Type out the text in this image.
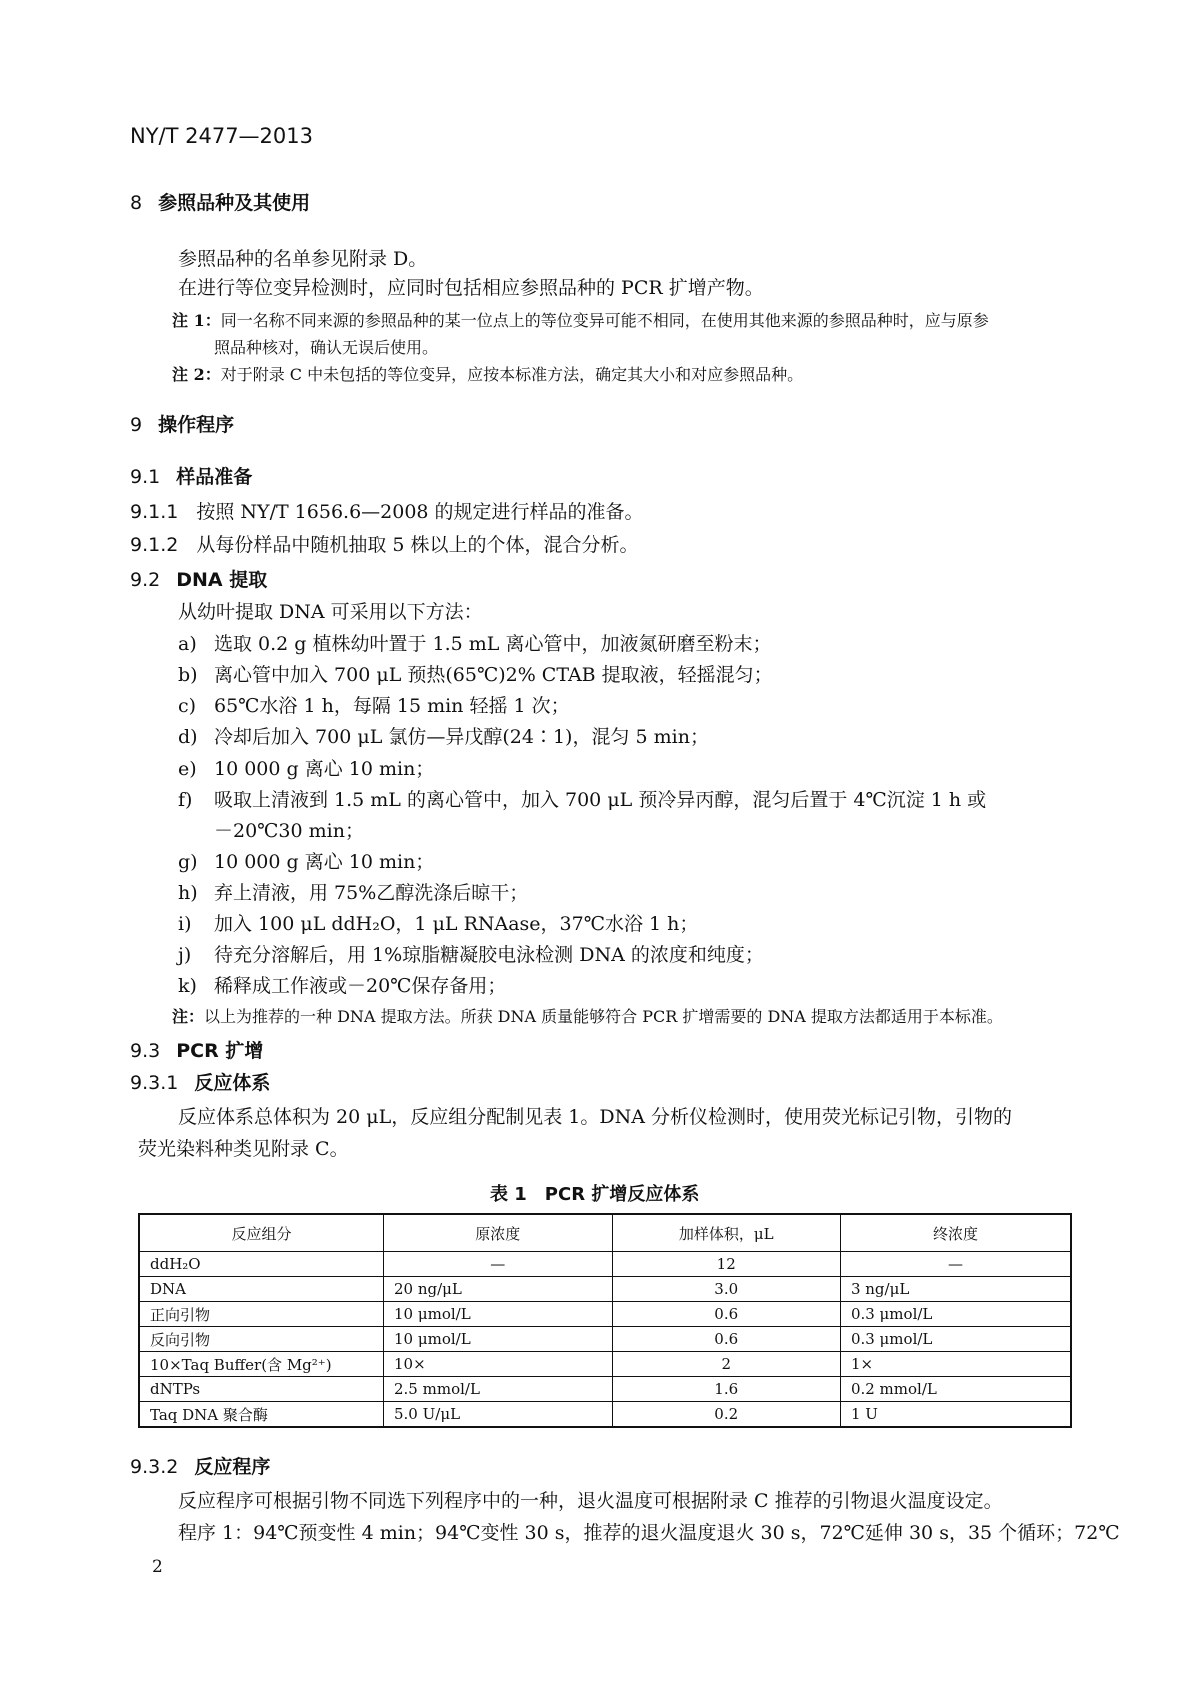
NY/T 2477—2013
8 参照品种及其使用
参照品种的名单参见附录 D。
在进行等位变异检测时，应同时包括相应参照品种的 PCR 扩增产物。
注 1：同一名称不同来源的参照品种的某一位点上的等位变异可能不相同，在使用其他来源的参照品种时，应与原参
照品种核对，确认无误后使用。
注 2：对于附录 C 中未包括的等位变异，应按本标准方法，确定其大小和对应参照品种。
9 操作程序
9.1 样品准备
9.1.1 按照 NY/T 1656.6—2008 的规定进行样品的准备。
9.1.2 从每份样品中随机抽取 5 株以上的个体，混合分析。
9.2 DNA 提取
从幼叶提取 DNA 可采用以下方法：
a) 选取 0.2 g 植株幼叶置于 1.5 mL 离心管中，加液氮研磨至粉末；
b) 离心管中加入 700 μL 预热(65℃)2% CTAB 提取液，轻摇混匀；
c) 65℃水浴 1 h，每隔 15 min 轻摇 1 次；
d) 冷却后加入 700 μL 氯仿—异戊醇(24∶1)，混匀 5 min；
e) 10 000 g 离心 10 min；
f) 吸取上清液到 1.5 mL 的离心管中，加入 700 μL 预冷异丙醇，混匀后置于 4℃沉淀 1 h 或
－20℃30 min；
g) 10 000 g 离心 10 min；
h) 弃上清液，用 75%乙醇洗涤后晾干；
i) 加入 100 μL ddH₂O，1 μL RNAase，37℃水浴 1 h；
j) 待充分溶解后，用 1%琼脂糖凝胶电泳检测 DNA 的浓度和纯度；
k) 稀释成工作液或－20℃保存备用；
注：以上为推荐的一种 DNA 提取方法。所获 DNA 质量能够符合 PCR 扩增需要的 DNA 提取方法都适用于本标准。
9.3 PCR 扩增
9.3.1 反应体系
反应体系总体积为 20 μL，反应组分配制见表 1。DNA 分析仪检测时，使用荧光标记引物，引物的
荧光染料种类见附录 C。
表 1　PCR 扩增反应体系
反应组分	原浓度	加样体积，μL	终浓度
ddH₂O	—	12	—
DNA	20 ng/μL	3.0	3 ng/μL
正向引物	10 μmol/L	0.6	0.3 μmol/L
反向引物	10 μmol/L	0.6	0.3 μmol/L
10×Taq Buffer(含 Mg²⁺)	10×	2	1×
dNTPs	2.5 mmol/L	1.6	0.2 mmol/L
Taq DNA 聚合酶	5.0 U/μL	0.2	1 U
9.3.2 反应程序
反应程序可根据引物不同选下列程序中的一种，退火温度可根据附录 C 推荐的引物退火温度设定。
程序 1：94℃预变性 4 min；94℃变性 30 s，推荐的退火温度退火 30 s，72℃延伸 30 s，35 个循环；72℃
2
